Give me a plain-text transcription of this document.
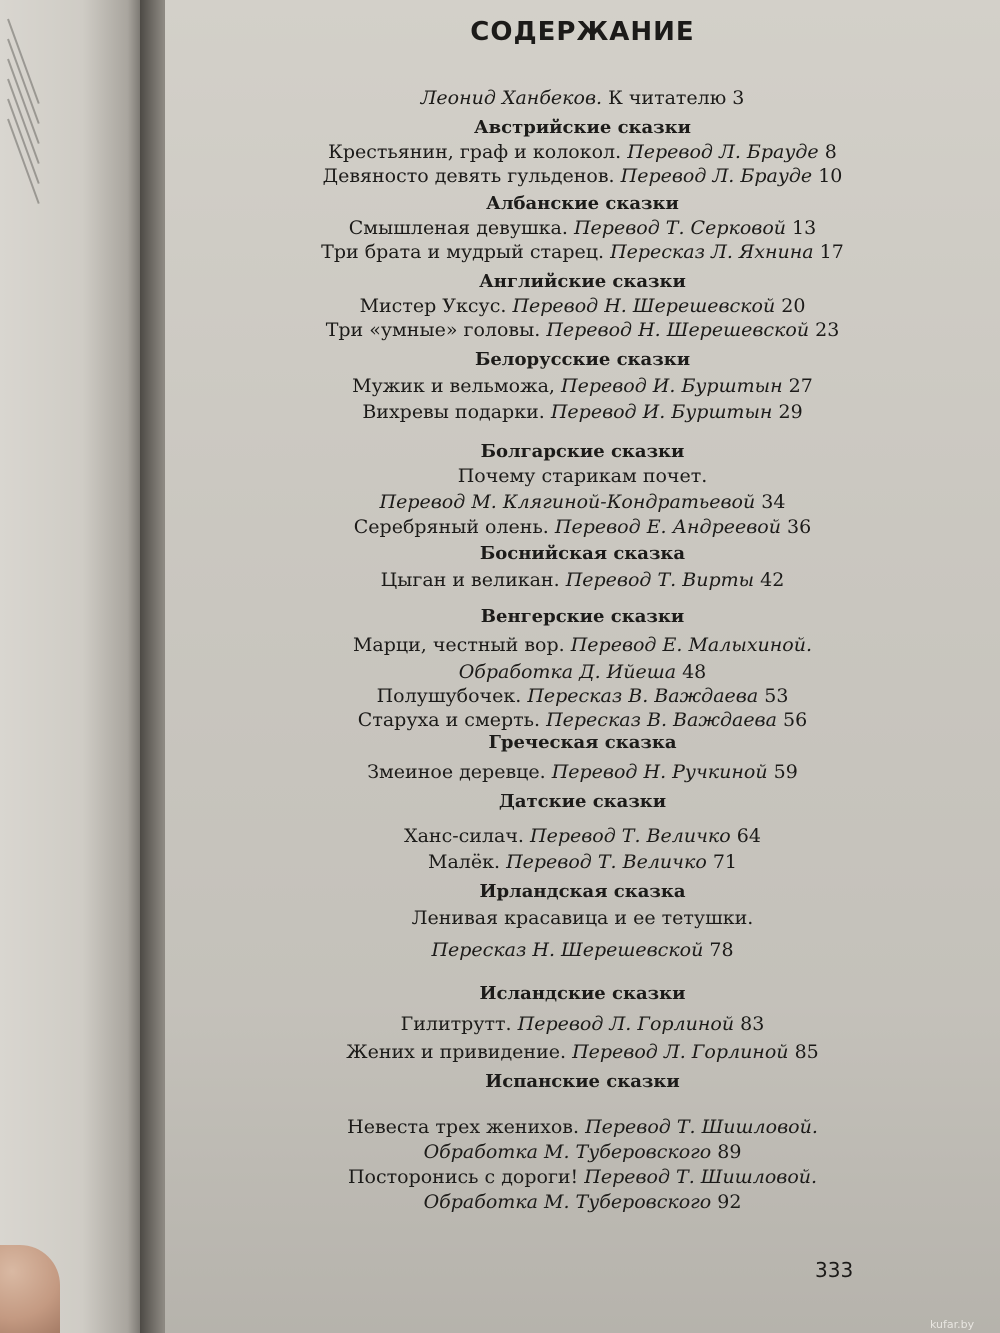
СОДЕРЖАНИЕ
Леонид Ханбеков. К читателю 3
Австрийские сказки
Крестьянин, граф и колокол. Перевод Л. Брауде 8
Девяносто девять гульденов. Перевод Л. Брауде 10
Албанские сказки
Смышленая девушка. Перевод Т. Серковой 13
Три брата и мудрый старец. Пересказ Л. Яхнина 17
Английские сказки
Мистер Уксус. Перевод Н. Шерешевской 20
Три «умные» головы. Перевод Н. Шерешевской 23
Белорусские сказки
Мужик и вельможа, Перевод И. Бурштын 27
Вихревы подарки. Перевод И. Бурштын 29
Болгарские сказки
Почему старикам почет.
Перевод М. Клягиной-Кондратьевой 34
Серебряный олень. Перевод Е. Андреевой 36
Боснийская сказка
Цыган и великан. Перевод Т. Вирты 42
Венгерские сказки
Марци, честный вор. Перевод Е. Малыхиной.
Обработка Д. Ийеша 48
Полушубочек. Пересказ В. Важдаева 53
Старуха и смерть. Пересказ В. Важдаева 56
Греческая сказка
Змеиное деревце. Перевод Н. Ручкиной 59
Датские сказки
Ханс-силач. Перевод Т. Величко 64
Малёк. Перевод Т. Величко 71
Ирландская сказка
Ленивая красавица и ее тетушки.
Пересказ Н. Шерешевской 78
Исландские сказки
Гилитрутт. Перевод Л. Горлиной 83
Жених и привидение. Перевод Л. Горлиной 85
Испанские сказки
Невеста трех женихов. Перевод Т. Шишловой.
Обработка М. Туберовского 89
Посторонись с дороги! Перевод Т. Шишловой.
Обработка М. Туберовского 92
333
kufar.by
